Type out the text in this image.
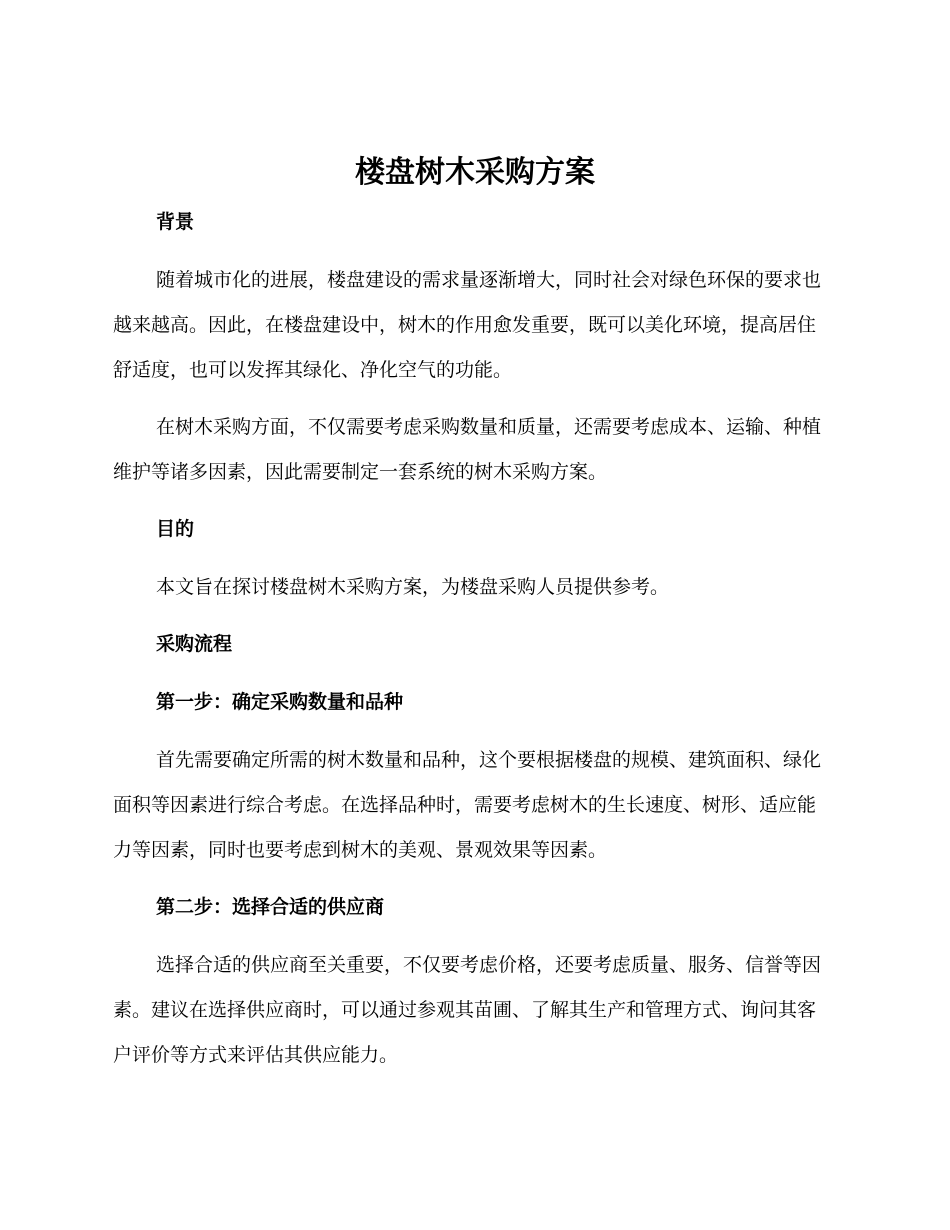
楼盘树木采购方案

背景

随着城市化的进展，楼盘建设的需求量逐渐增大，同时社会对绿色环保的要求也越来越高。因此，在楼盘建设中，树木的作用愈发重要，既可以美化环境，提高居住舒适度，也可以发挥其绿化、净化空气的功能。

在树木采购方面，不仅需要考虑采购数量和质量，还需要考虑成本、运输、种植维护等诸多因素，因此需要制定一套系统的树木采购方案。

目的

本文旨在探讨楼盘树木采购方案，为楼盘采购人员提供参考。

采购流程

第一步：确定采购数量和品种

首先需要确定所需的树木数量和品种，这个要根据楼盘的规模、建筑面积、绿化面积等因素进行综合考虑。在选择品种时，需要考虑树木的生长速度、树形、适应能力等因素，同时也要考虑到树木的美观、景观效果等因素。

第二步：选择合适的供应商

选择合适的供应商至关重要，不仅要考虑价格，还要考虑质量、服务、信誉等因素。建议在选择供应商时，可以通过参观其苗圃、了解其生产和管理方式、询问其客户评价等方式来评估其供应能力。
